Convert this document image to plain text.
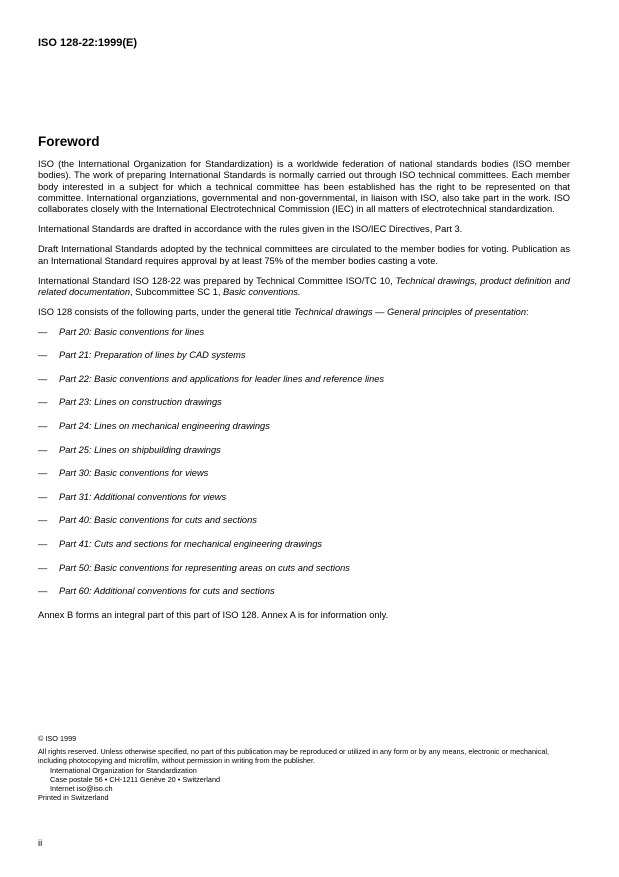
ISO 128-22:1999(E)
Foreword

ISO (the International Organization for Standardization) is a worldwide federation of national standards bodies (ISO member bodies). The work of preparing International Standards is normally carried out through ISO technical committees. Each member body interested in a subject for which a technical committee has been established has the right to be represented on that committee. International organziations, governmental and non-governmental, in liaison with ISO, also take part in the work. ISO collaborates closely with the International Electrotechnical Commission (IEC) in all matters of electrotechnical standardization.

International Standards are drafted in accordance with the rules given in the ISO/IEC Directives, Part 3.

Draft International Standards adopted by the technical committees are circulated to the member bodies for voting. Publication as an International Standard requires approval by at least 75% of the member bodies casting a vote.

International Standard ISO 128-22 was prepared by Technical Committee ISO/TC 10, Technical drawings, product definition and related documentation, Subcommittee SC 1, Basic conventions.

ISO 128 consists of the following parts, under the general title Technical drawings — General principles of presentation:

—	Part 20: Basic conventions for lines
—	Part 21: Preparation of lines by CAD systems
—	Part 22: Basic conventions and applications for leader lines and reference lines
—	Part 23: Lines on construction drawings
—	Part 24: Lines on mechanical engineering drawings
—	Part 25: Lines on shipbuilding drawings
—	Part 30: Basic conventions for views
—	Part 31: Additional conventions for views
—	Part 40: Basic conventions for cuts and sections
—	Part 41: Cuts and sections for mechanical engineering drawings
—	Part 50: Basic conventions for representing areas on cuts and sections
—	Part 60: Additional conventions for cuts and sections

Annex B forms an integral part of this part of ISO 128. Annex A is for information only.

© ISO 1999
All rights reserved. Unless otherwise specified, no part of this publication may be reproduced or utilized in any form or by any means, electronic or mechanical, including photocopying and microfilm, without permission in writing from the publisher.
International Organization for Standardization
Case postale 56 • CH-1211 Genève 20 • Switzerland
Internet iso@iso.ch
Printed in Switzerland
ii
